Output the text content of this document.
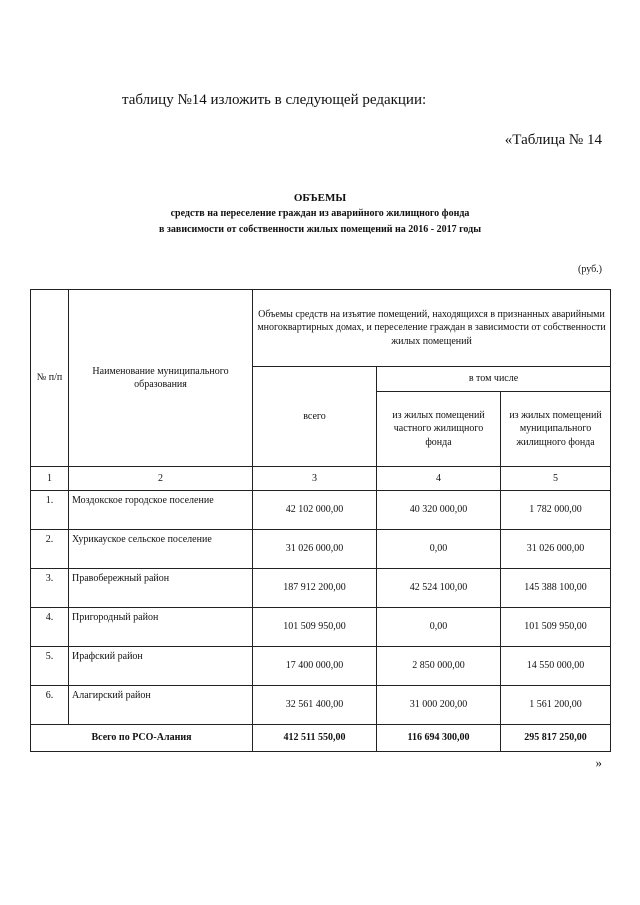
таблицу №14 изложить в следующей редакции:
«Таблица № 14
ОБЪЕМЫ
средств на переселение граждан из аварийного жилищного фонда
в зависимости от собственности жилых помещений на 2016 - 2017 годы
(руб.)
№ п/п	Наименование муниципального образования	Объемы средств на изъятие помещений, находящихся в признанных аварийными многоквартирных домах, и переселение граждан в зависимости от собственности жилых помещений		
		всего	в том числе	
			из жилых помещений частного жилищного фонда	из жилых помещений муниципального жилищного фонда
1	2	3	4	5
1.	Моздокское городское поселение	42 102 000,00	40 320 000,00	1 782 000,00
2.	Хурикауское сельское поселение	31 026 000,00	0,00	31 026 000,00
3.	Правобережный район	187 912 200,00	42 524 100,00	145 388 100,00
4.	Пригородный район	101 509 950,00	0,00	101 509 950,00
5.	Ирафский район	17 400 000,00	2 850 000,00	14 550 000,00
6.	Алагирский район	32 561 400,00	31 000 200,00	1 561 200,00
Всего по РСО-Алания		412 511 550,00	116 694 300,00	295 817 250,00
»
